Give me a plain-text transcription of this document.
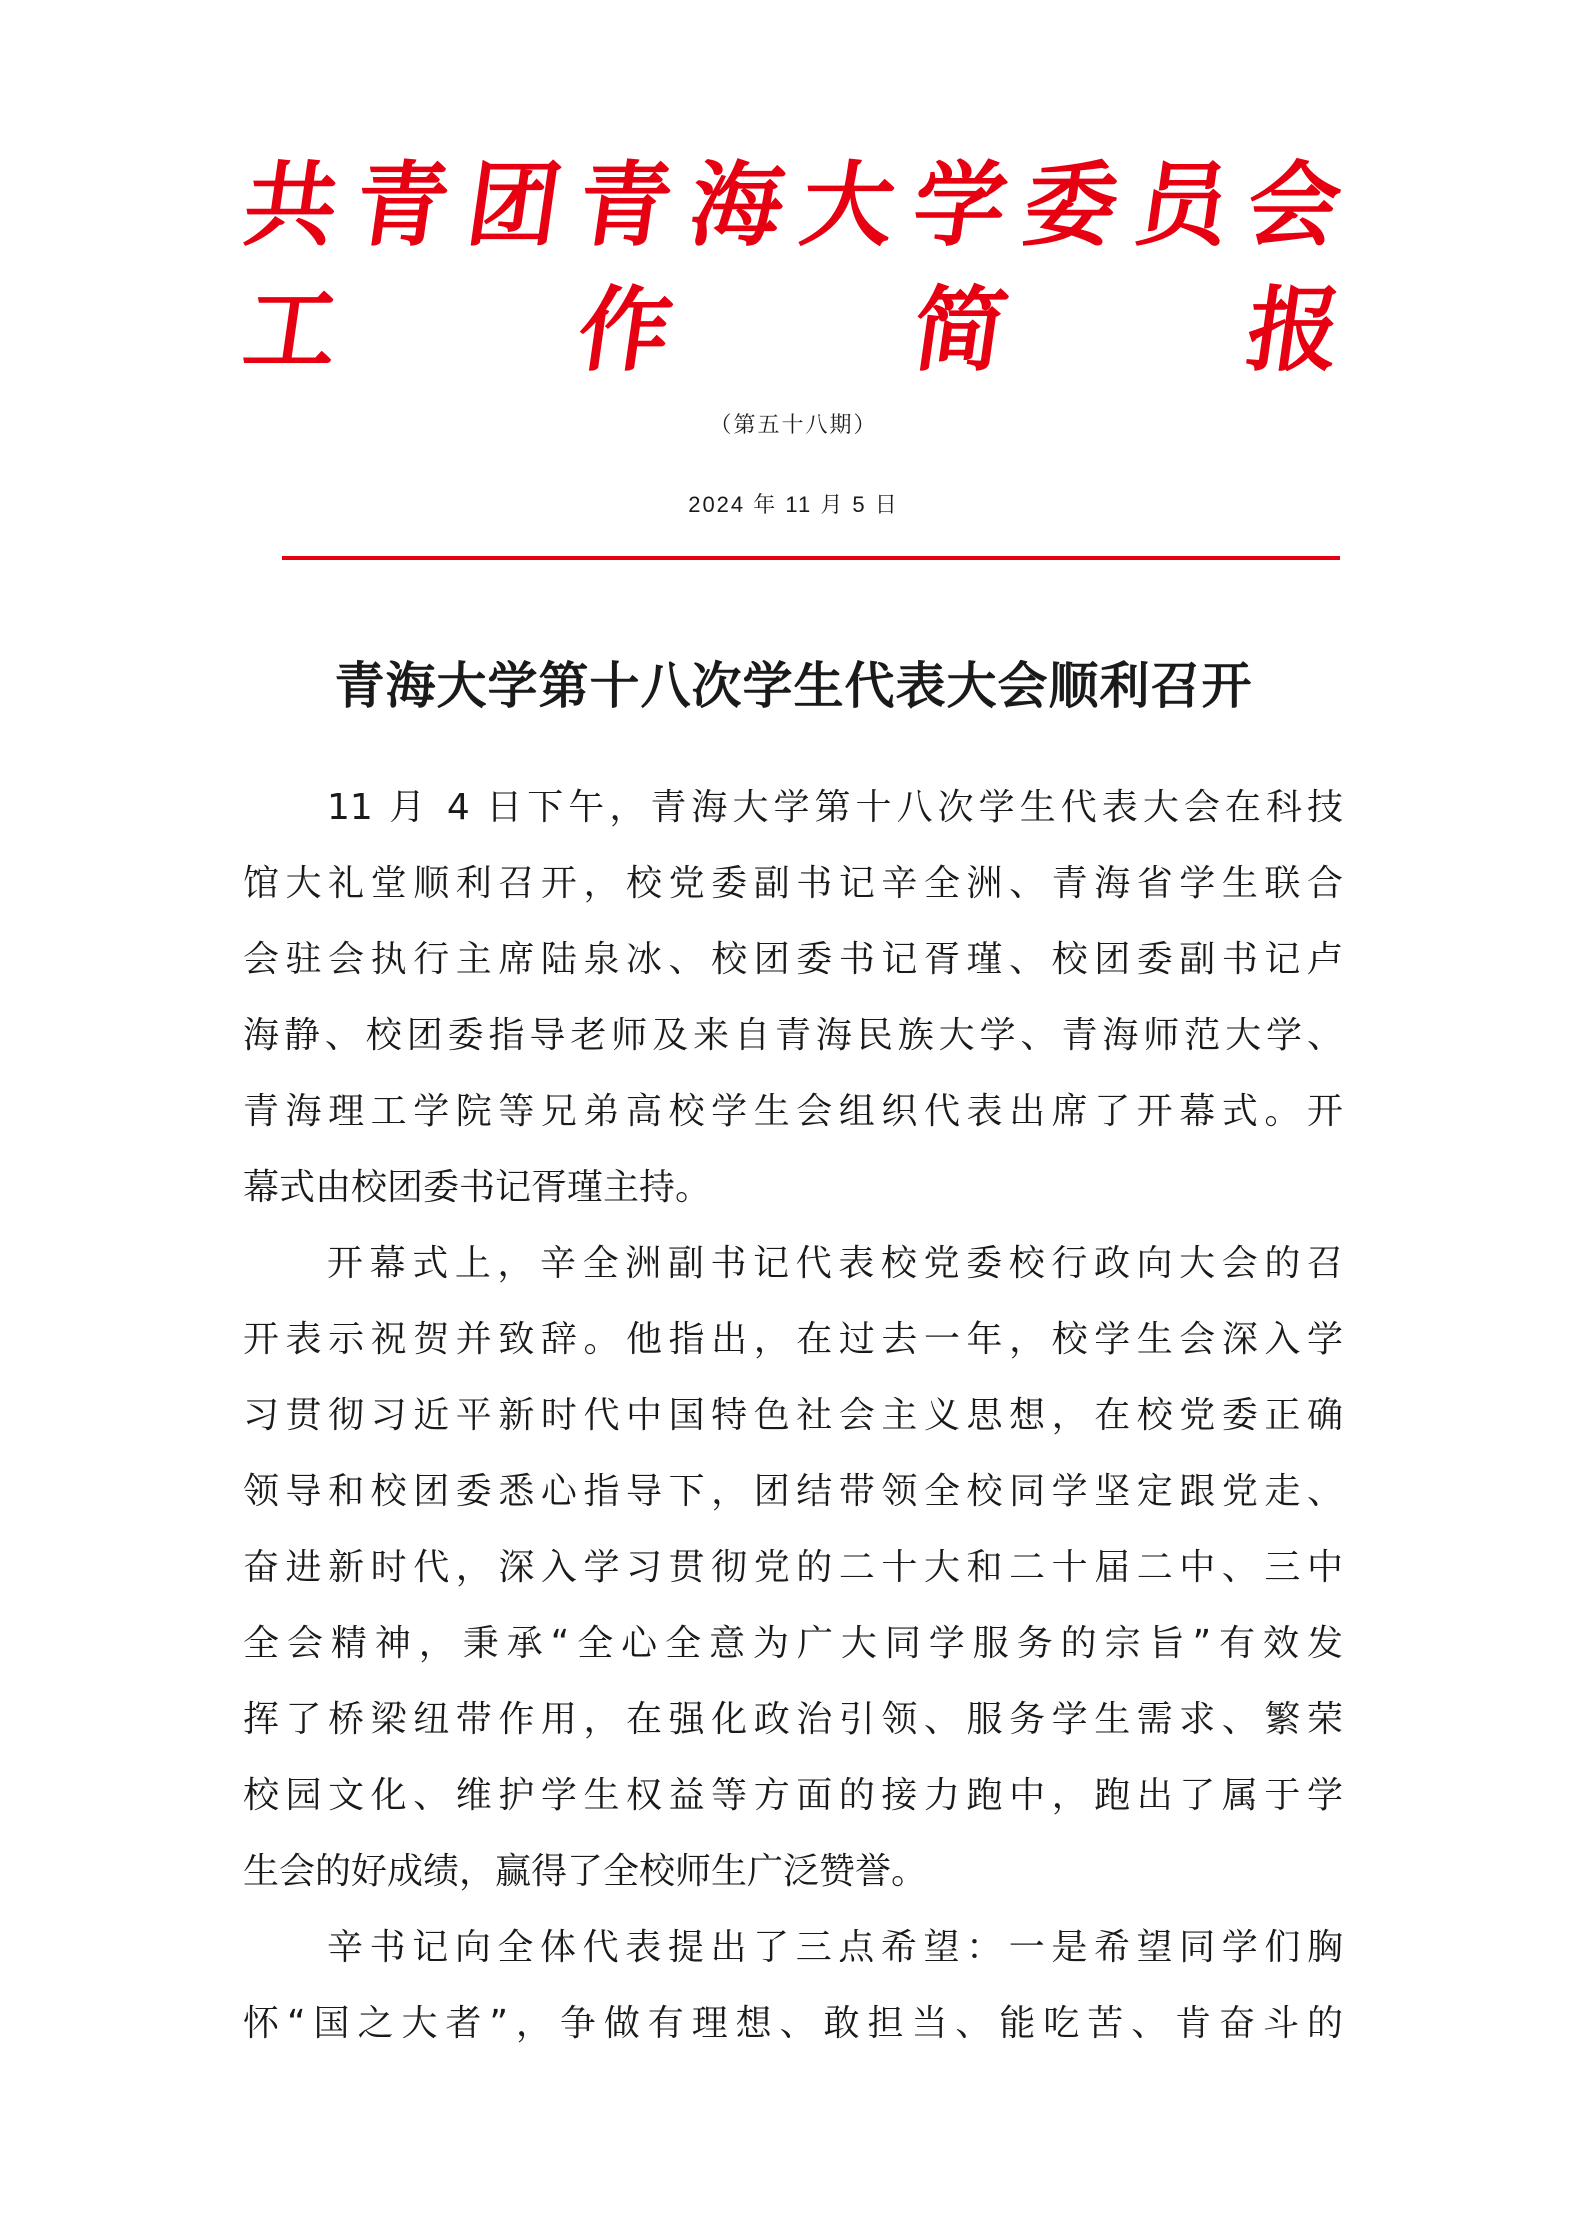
共 青 团 青 海 大 学 委 员 会
工 作 简 报
（第五十八期）
2024 年 11 月 5 日
青海大学第十八次学生代表大会顺利召开
11 月 4 日下午，青海大学第十八次学生代表大会在科技
馆大礼堂顺利召开，校党委副书记辛全洲、青海省学生联合
会驻会执行主席陆泉冰、校团委书记胥瑾、校团委副书记卢
海静、校团委指导老师及来自青海民族大学、青海师范大学、
青海理工学院等兄弟高校学生会组织代表出席了开幕式。开
幕式由校团委书记胥瑾主持。
开幕式上，辛全洲副书记代表校党委校行政向大会的召
开表示祝贺并致辞。他指出，在过去一年，校学生会深入学
习贯彻习近平新时代中国特色社会主义思想，在校党委正确
领导和校团委悉心指导下，团结带领全校同学坚定跟党走、
奋进新时代，深入学习贯彻党的二十大和二十届二中、三中
全会精神，秉承“全心全意为广大同学服务的宗旨”有效发
挥了桥梁纽带作用，在强化政治引领、服务学生需求、繁荣
校园文化、维护学生权益等方面的接力跑中，跑出了属于学
生会的好成绩，赢得了全校师生广泛赞誉。
辛书记向全体代表提出了三点希望：一是希望同学们胸
怀“国之大者”，争做有理想、敢担当、能吃苦、肯奋斗的
